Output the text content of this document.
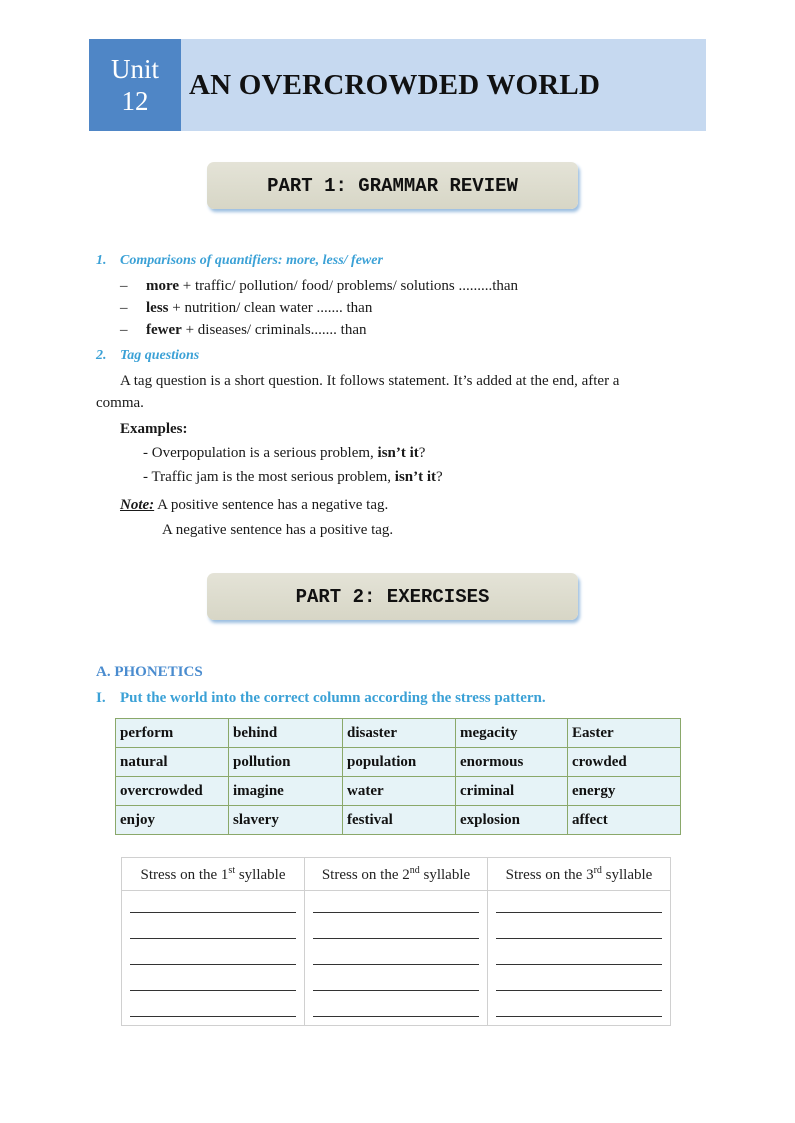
Unit
12
AN OVERCROWDED WORLD
PART 1: GRAMMAR REVIEW
1. Comparisons of quantifiers: more, less/ fewer
– more + traffic/ pollution/ food/ problems/ solutions .........than
– less + nutrition/ clean water ....... than
– fewer + diseases/ criminals....... than
2. Tag questions
A tag question is a short question. It follows statement. It’s added at the end, after a
comma.
Examples:
- Overpopulation is a serious problem, isn’t it?
- Traffic jam is the most serious problem, isn’t it?
Note: A positive sentence has a negative tag.
A negative sentence has a positive tag.
PART 2: EXERCISES
A. PHONETICS
I. Put the world into the correct column according the stress pattern.
perform	behind	disaster	megacity	Easter
natural	pollution	population	enormous	crowded
overcrowded	imagine	water	criminal	energy
enjoy	slavery	festival	explosion	affect
Stress on the 1st syllable	Stress on the 2nd syllable	Stress on the 3rd syllable
